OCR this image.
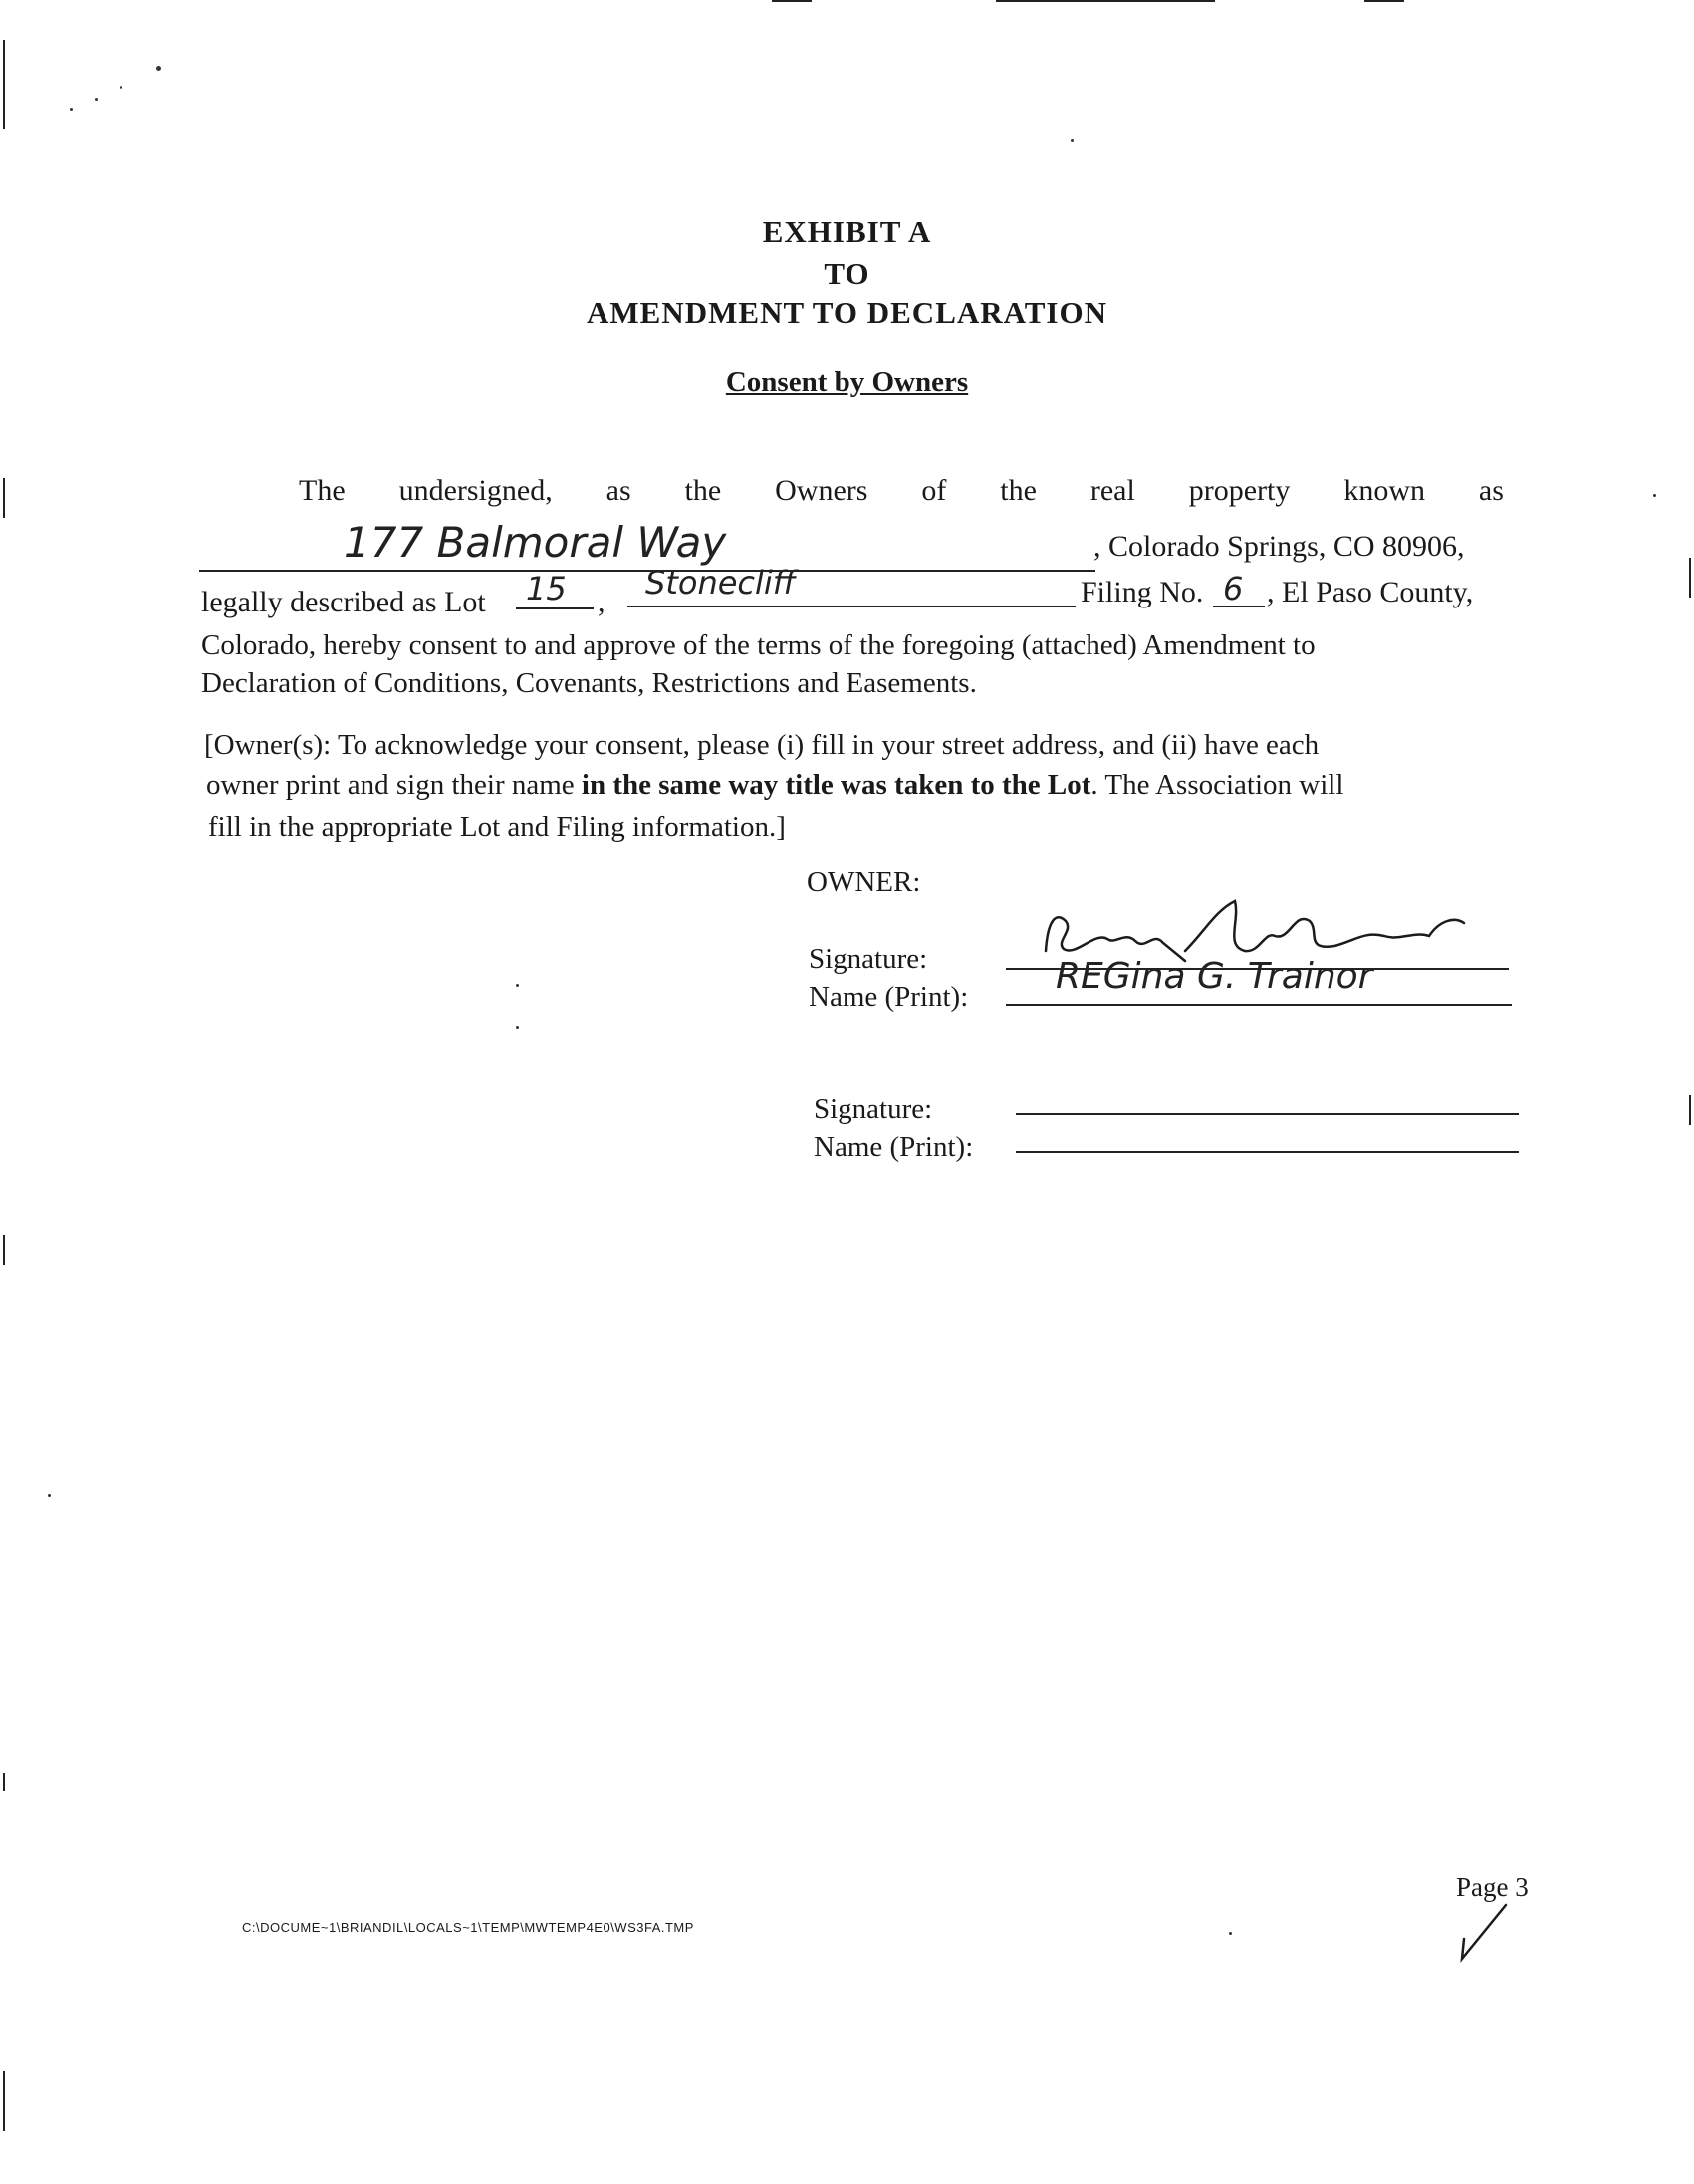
EXHIBIT A
TO
AMENDMENT TO DECLARATION
Consent by Owners
The undersigned, as the Owners of the real property known as
177 Balmoral Way	, Colorado Springs, CO 80906,
Stonecliff	Filing No. 6 , El Paso County,
legally described as Lot 15 ,
Colorado, hereby consent to and approve of the terms of the foregoing (attached) Amendment to
Declaration of Conditions, Covenants, Restrictions and Easements.
[Owner(s): To acknowledge your consent, please (i) fill in your street address, and (ii) have each
owner print and sign their name in the same way title was taken to the Lot. The Association will
fill in the appropriate Lot and Filing information.]
OWNER:
Signature:
Name (Print): REGina G. Trainor
Signature:
Name (Print):
C:\DOCUME~1\BRIANDIL\LOCALS~1\TEMP\MWTEMP4E0\WS3FA.TMP
Page 3
